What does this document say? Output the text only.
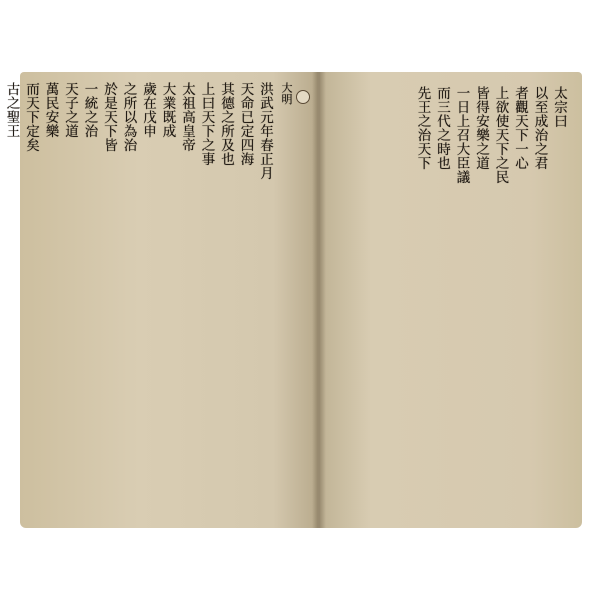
大明
洪武元年春正月
天命已定四海
其德之所及也
上曰天下之事
太祖高皇帝
大業既成
歲在戊申
之所以為治
於是天下皆
一統之治
天子之道
萬民安樂
而天下定矣
古之聖王	太宗曰
以至成治之君
者觀天下一心
上欲使天下之民
皆得安樂之道
一日上召大臣議
而三代之時也
先王之治天下
